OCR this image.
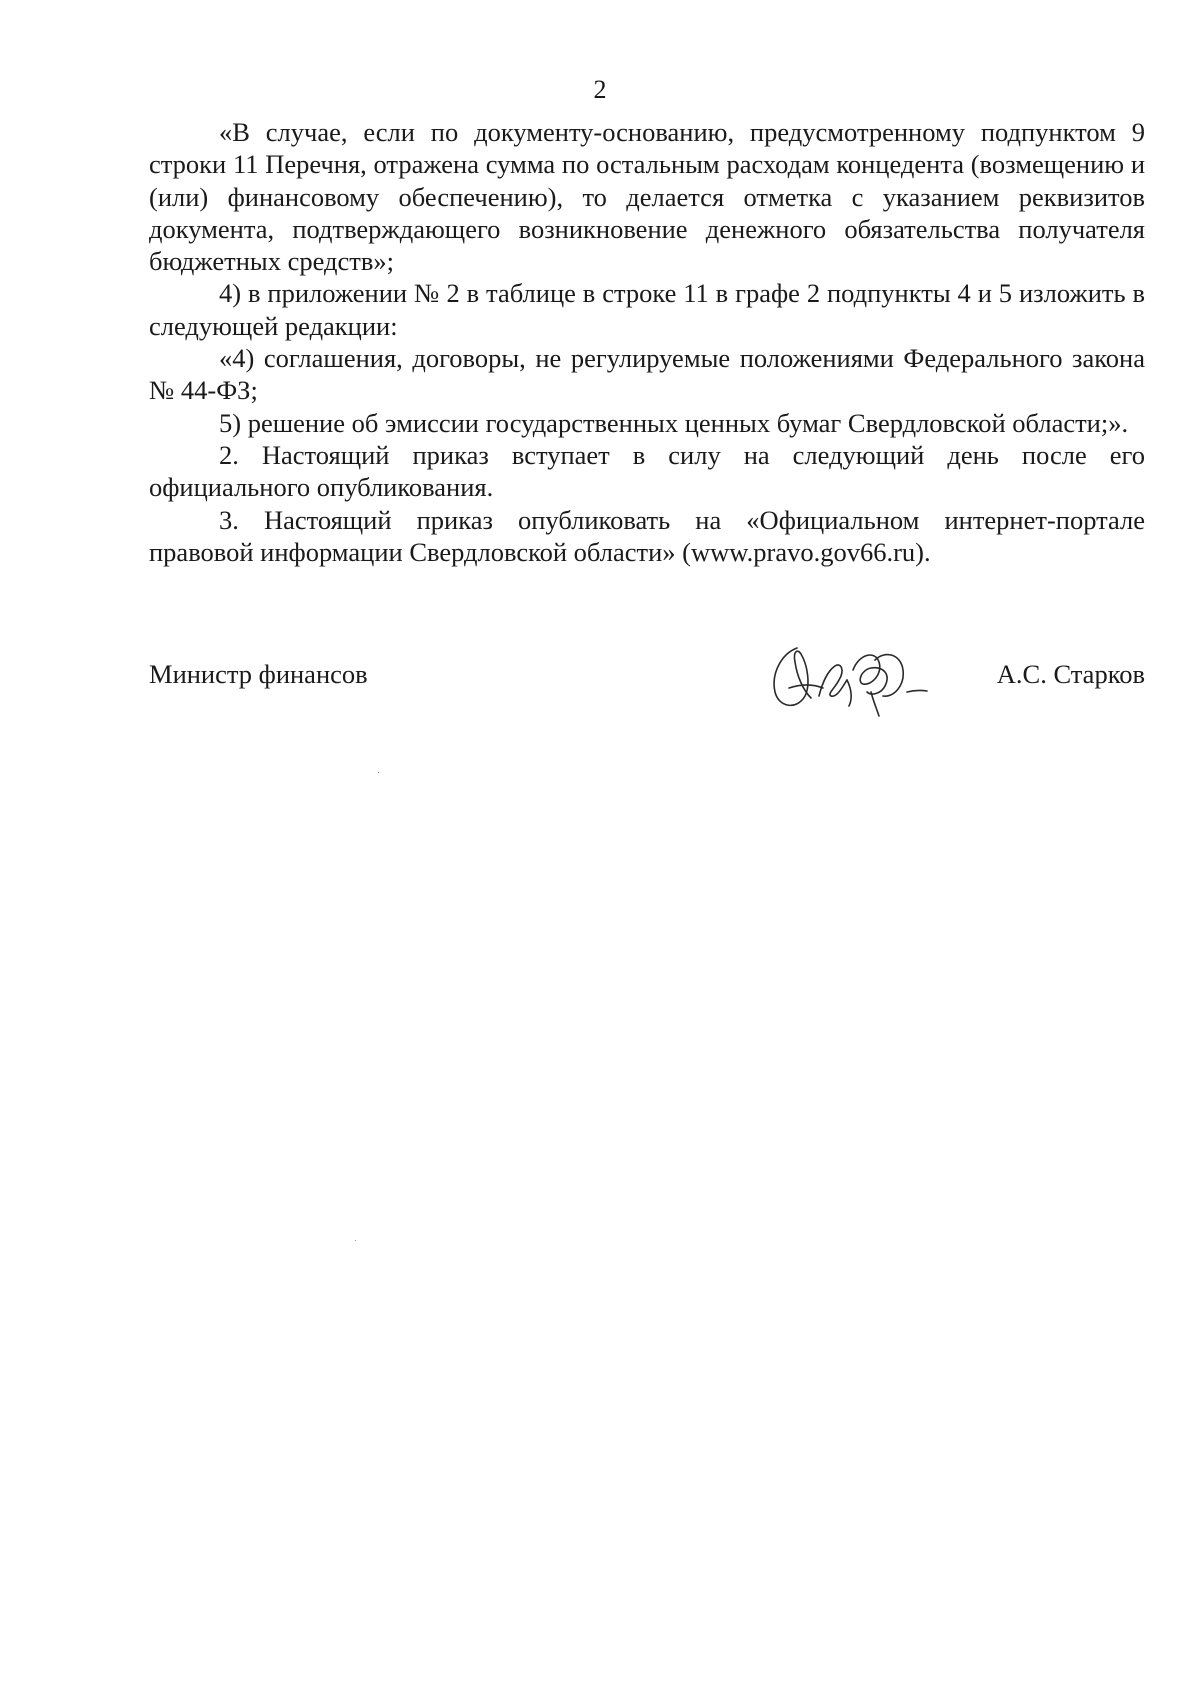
2

«В случае, если по документу-основанию, предусмотренному подпунктом 9 строки 11 Перечня, отражена сумма по остальным расходам концедента (возмещению и (или) финансовому обеспечению), то делается отметка с указанием реквизитов документа, подтверждающего возникновение денежного обязательства получателя бюджетных средств»;

4) в приложении № 2 в таблице в строке 11 в графе 2 подпункты 4 и 5 изложить в следующей редакции:

«4) соглашения, договоры, не регулируемые положениями Федерального закона № 44-ФЗ;

5) решение об эмиссии государственных ценных бумаг Свердловской области;».

2. Настоящий приказ вступает в силу на следующий день после его официального опубликования.

3. Настоящий приказ опубликовать на «Официальном интернет-портале правовой информации Свердловской области» (www.pravo.gov66.ru).

Министр финансов	А.С. Старков
